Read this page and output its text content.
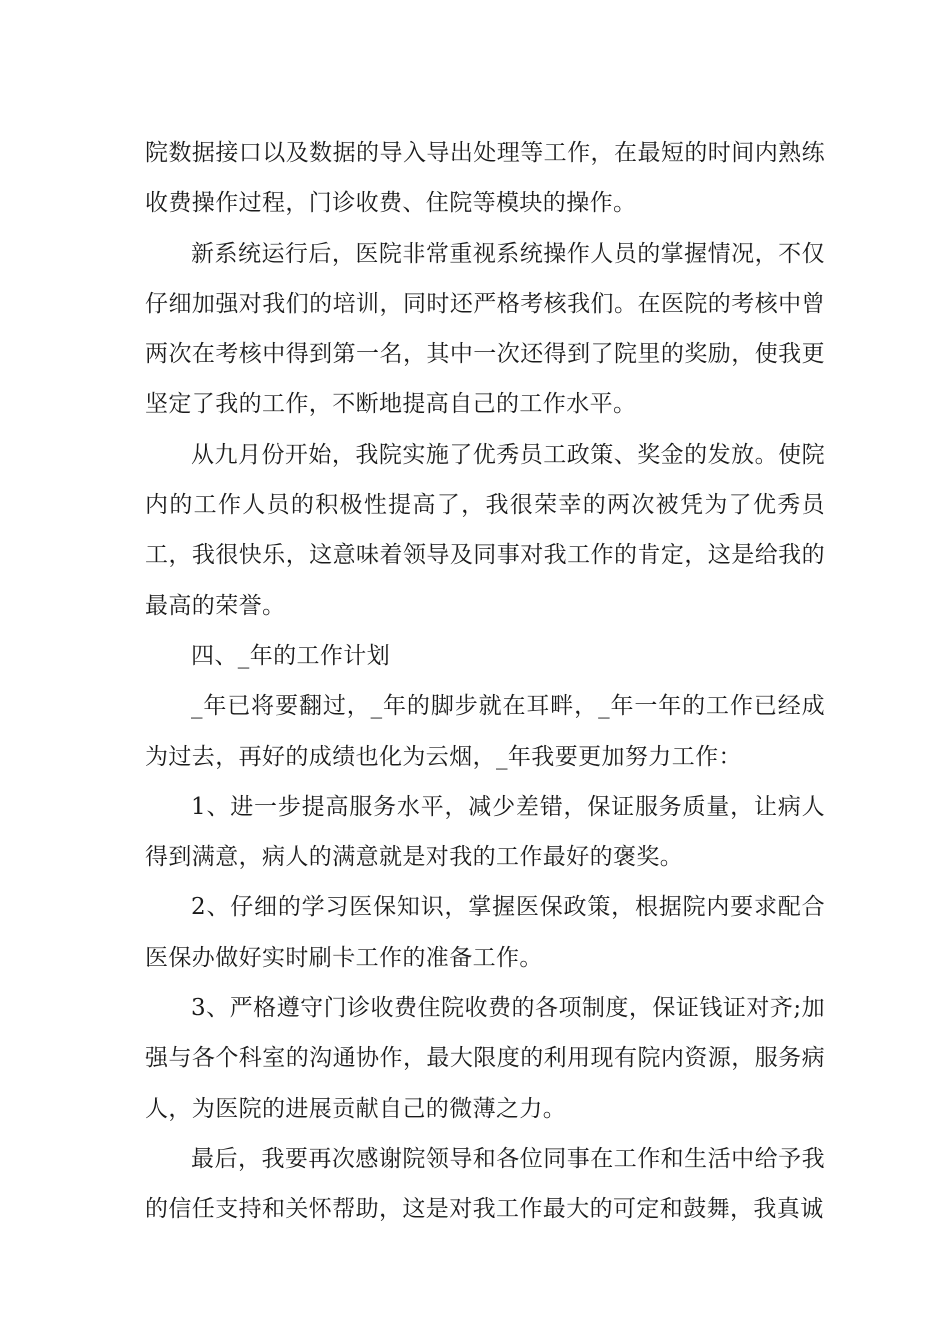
院数据接口以及数据的导入导出处理等工作，在最短的时间内熟练收费操作过程，门诊收费、住院等模块的操作。

新系统运行后，医院非常重视系统操作人员的掌握情况，不仅仔细加强对我们的培训，同时还严格考核我们。在医院的考核中曾两次在考核中得到第一名，其中一次还得到了院里的奖励，使我更坚定了我的工作，不断地提高自己的工作水平。

从九月份开始，我院实施了优秀员工政策、奖金的发放。使院内的工作人员的积极性提高了，我很荣幸的两次被凭为了优秀员工，我很快乐，这意味着领导及同事对我工作的肯定，这是给我的最高的荣誉。

四、_年的工作计划

_年已将要翻过，_年的脚步就在耳畔，_年一年的工作已经成为过去，再好的成绩也化为云烟，_年我要更加努力工作：

1、进一步提高服务水平，减少差错，保证服务质量，让病人得到满意，病人的满意就是对我的工作最好的褒奖。

2、仔细的学习医保知识，掌握医保政策，根据院内要求配合医保办做好实时刷卡工作的准备工作。

3、严格遵守门诊收费住院收费的各项制度，保证钱证对齐;加强与各个科室的沟通协作，最大限度的利用现有院内资源，服务病人，为医院的进展贡献自己的微薄之力。

最后，我要再次感谢院领导和各位同事在工作和生活中给予我的信任支持和关怀帮助，这是对我工作最大的可定和鼓舞，我真诚
